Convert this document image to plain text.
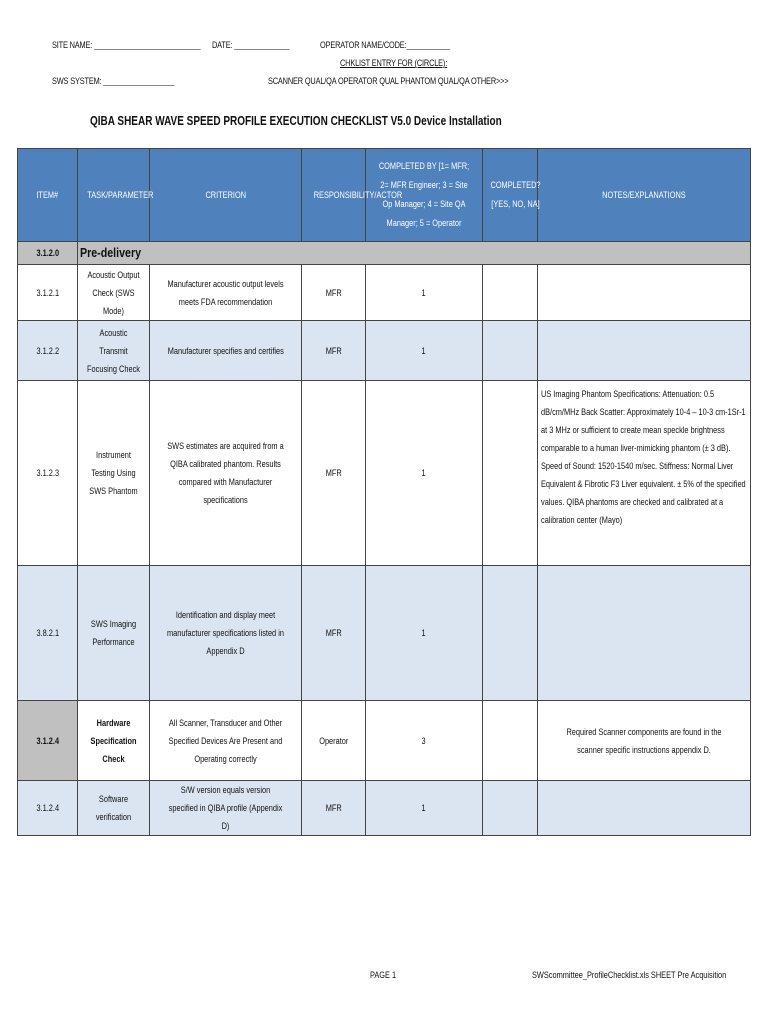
SITE NAME: ___________________________ DATE: ______________	OPERATOR NAME/CODE:___________
CHKLIST ENTRY FOR (CIRCLE):
SWS SYSTEM: __________________	SCANNER QUAL/QA OPERATOR QUAL PHANTOM QUAL/QA OTHER>>>
QIBA SHEAR WAVE SPEED PROFILE EXECUTION CHECKLIST V5.0 Device Installation
ITEM#	TASK/PARAMETER	CRITERION	RESPONSIBILITY/ACTOR	COMPLETED BY [1= MFR; 2= MFR Engineer; 3 = Site Op Manager; 4 = Site QA Manager; 5 = Operator	COMPLETED? [YES, NO, NA]	NOTES/EXPLANATIONS
3.1.2.0	Pre-delivery					
3.1.2.1	Acoustic Output Check (SWS Mode)	Manufacturer acoustic output levels meets FDA recommendation	MFR	1		
3.1.2.2	Acoustic Transmit Focusing Check	Manufacturer specifies and certifies	MFR	1		
3.1.2.3	Instrument Testing Using SWS Phantom	SWS estimates are acquired from a QIBA calibrated phantom. Results compared with Manufacturer specifications	MFR	1		US Imaging Phantom Specifications: Attenuation: 0.5 dB/cm/MHz Back Scatter: Approximately 10-4 – 10-3 cm-1Sr-1 at 3 MHz or sufficient to create mean speckle brightness comparable to a human liver-mimicking phantom (± 3 dB). Speed of Sound: 1520-1540 m/sec. Stiffness: Normal Liver Equivalent & Fibrotic F3 Liver equivalent. ± 5% of the specified values. QIBA phantoms are checked and calibrated at a calibration center (Mayo)

3.8.2.1	SWS Imaging Performance	Identification and display meet manufacturer specifications listed in Appendix D	MFR	1		
3.1.2.4	Hardware Specification Check	All Scanner, Transducer and Other Specified Devices Are Present and Operating correctly	Operator	3		Required Scanner components are found in the scanner specific instructions appendix D.
3.1.2.4	Software verification	S/W version equals version specified in QIBA profile (Appendix D)	MFR	1		
PAGE 1	SWScommittee_ProfileChecklist.xls SHEET Pre Acquisition
